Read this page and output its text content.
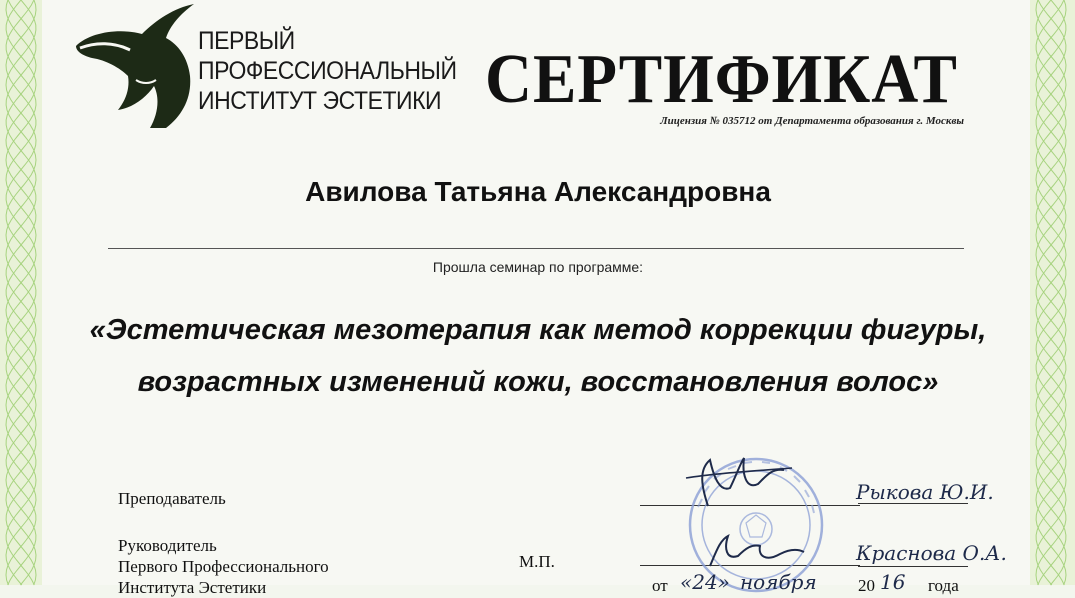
ПЕРВЫЙ
ПРОФЕССИОНАЛЬНЫЙ
ИНСТИТУТ ЭСТЕТИКИ СЕРТИФИКАТ
Лицензия № 035712 от Департамента образования г. Москвы
Авилова Татьяна Александровна
Прошла семинар по программе:
«Эстетическая мезотерапия как метод коррекции фигуры,
возрастных изменений кожи, восстановления волос»
Преподаватель
Руководитель
Первого Профессионального
Института Эстетики
М.П.
Рыкова Ю.И.
Краснова О.А.
от «24» ноября 20 16 года
